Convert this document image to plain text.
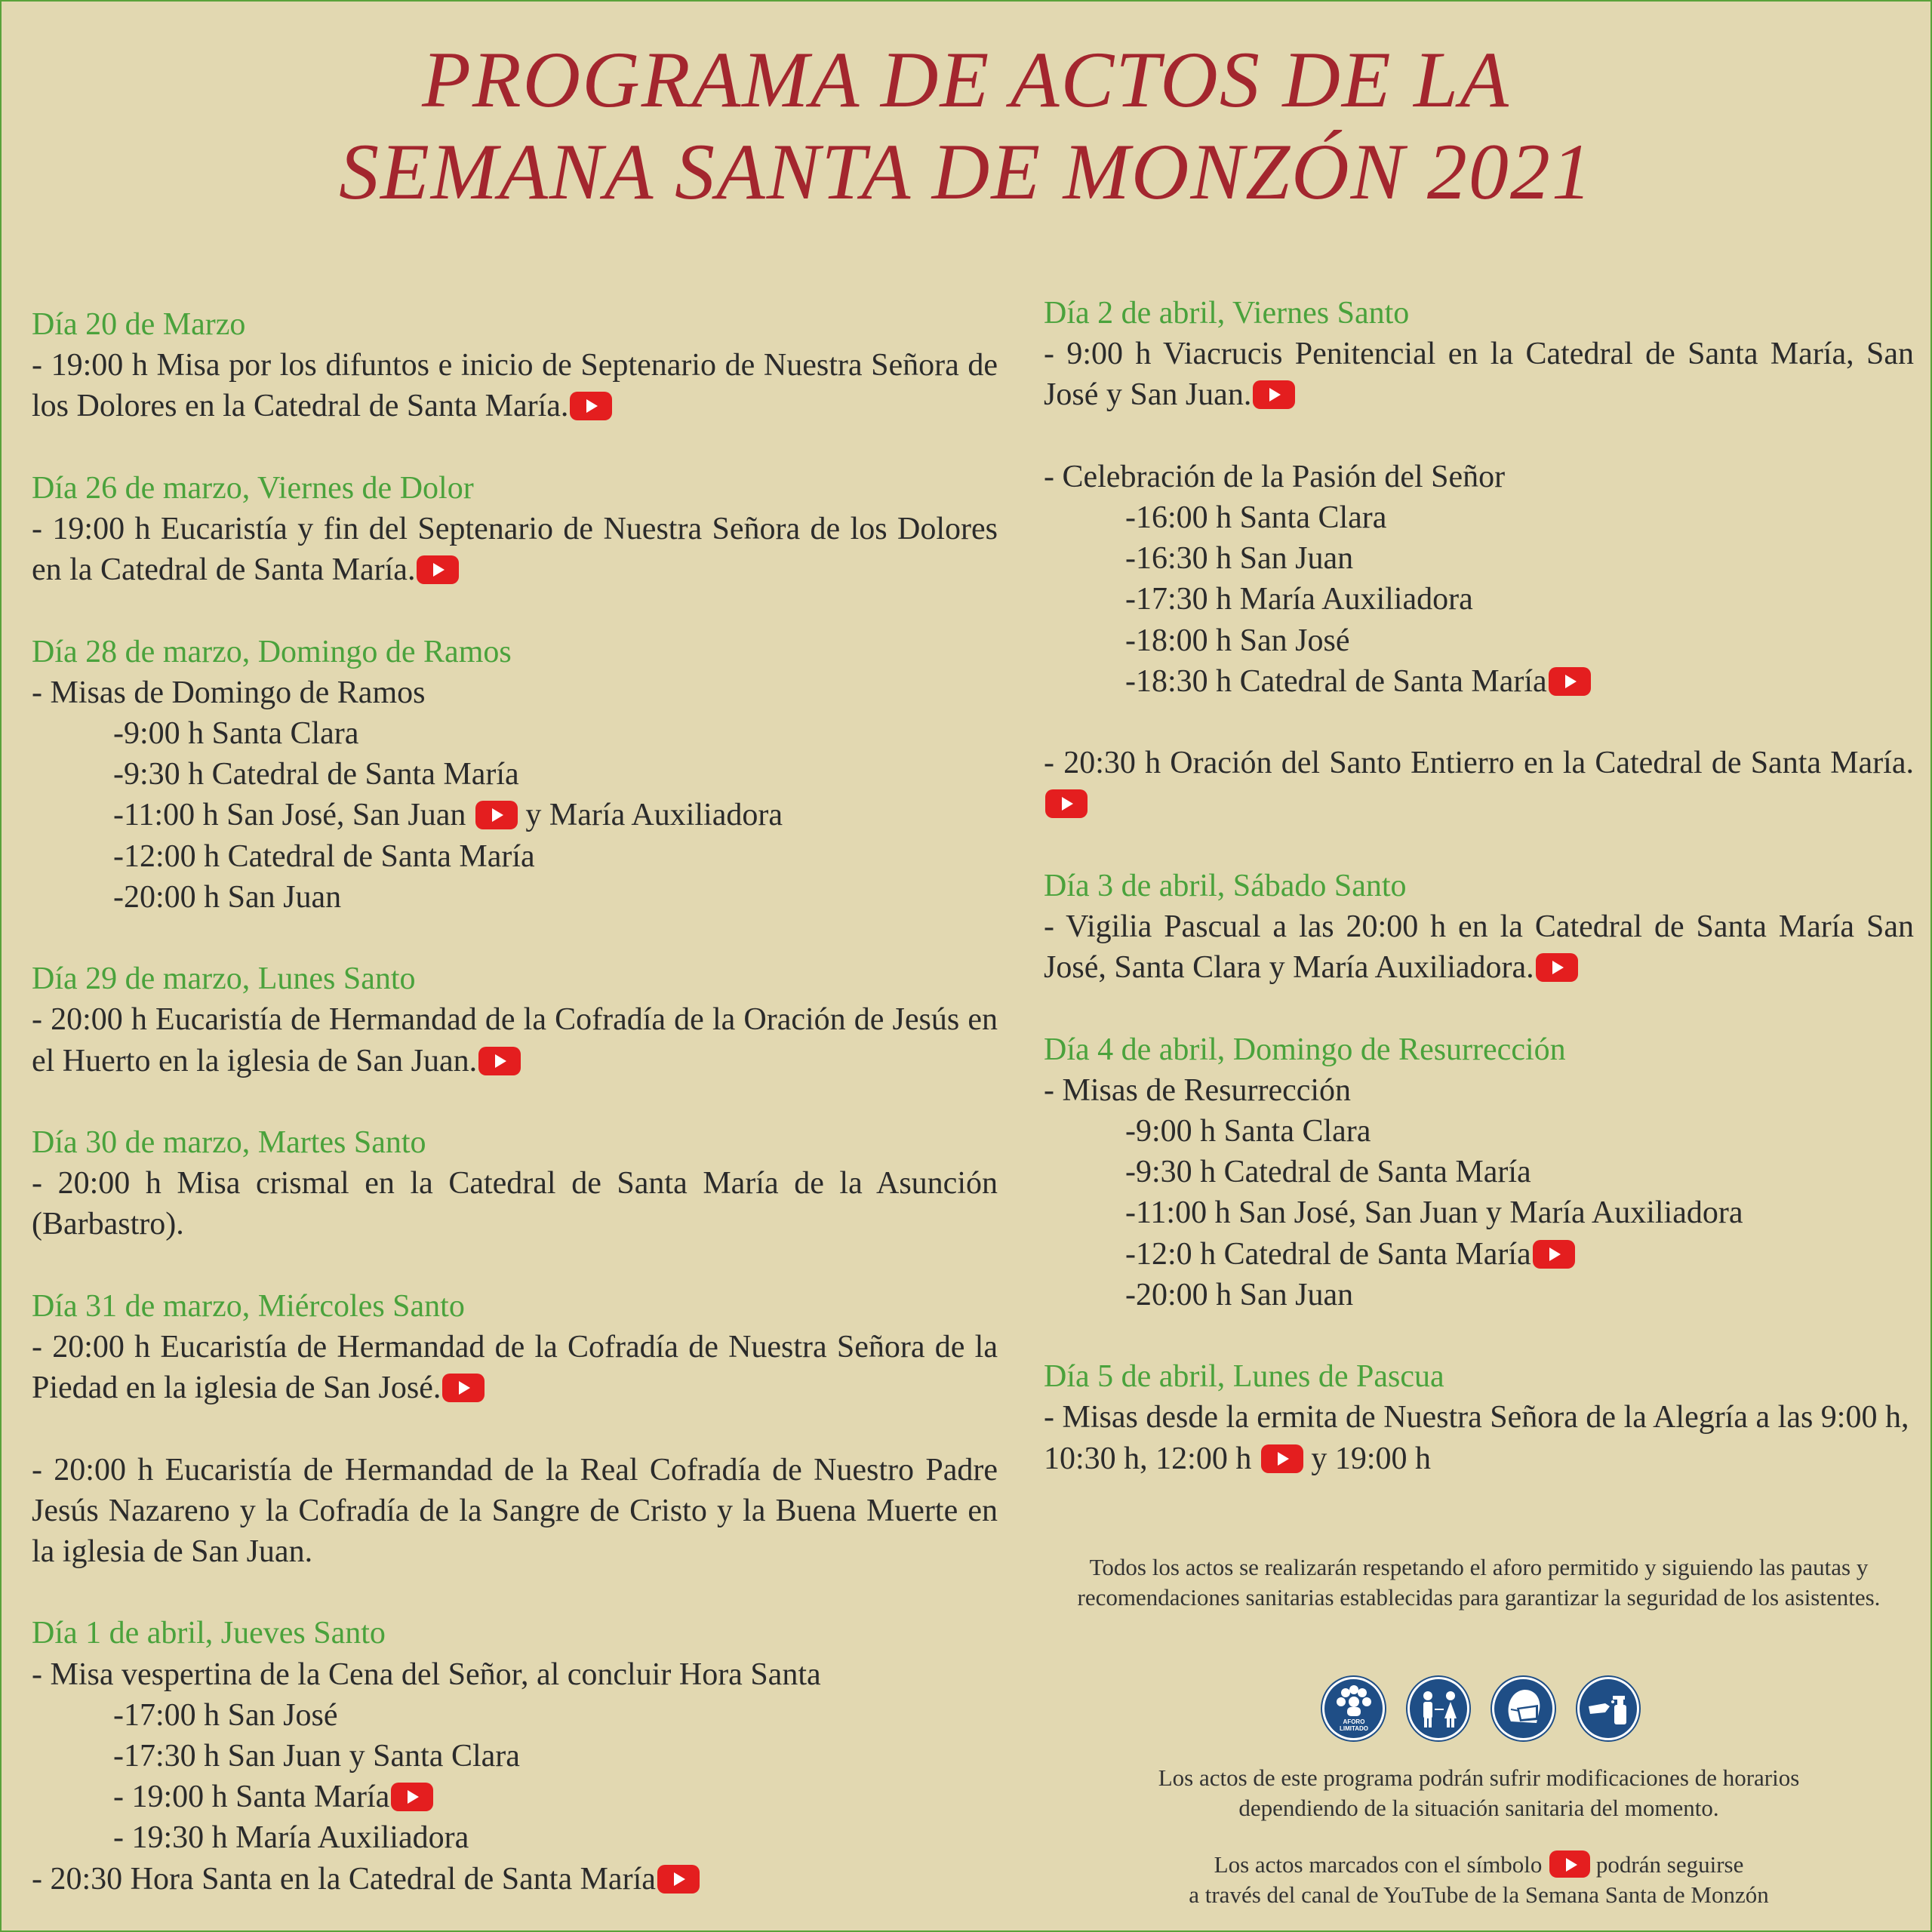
PROGRAMA DE ACTOS DE LA
SEMANA SANTA DE MONZÓN 2021
Día 20 de Marzo
- 19:00 h Misa por los difuntos e inicio de Septenario de Nuestra Señora de los Dolores en la Catedral de Santa María.
Día 26 de marzo, Viernes de Dolor
- 19:00 h Eucaristía y fin del Septenario de Nuestra Señora de los Dolores en la Catedral de Santa María.
Día 28 de marzo, Domingo de Ramos
- Misas de Domingo de Ramos
-9:00 h Santa Clara
-9:30 h Catedral de Santa María
-11:00 h San José, San Juan y María Auxiliadora
-12:00 h Catedral de Santa María
-20:00 h San Juan
Día 29 de marzo, Lunes Santo
- 20:00 h Eucaristía de Hermandad de la Cofradía de la Oración de Jesús en el Huerto en la iglesia de San Juan.
Día 30 de marzo, Martes Santo
- 20:00 h Misa crismal en la Catedral de Santa María de la Asunción (Barbastro).
Día 31 de marzo, Miércoles Santo
- 20:00 h Eucaristía de Hermandad de la Cofradía de Nuestra Señora de la Piedad en la iglesia de San José.
- 20:00 h Eucaristía de Hermandad de la Real Cofradía de Nuestro Padre Jesús Nazareno y la Cofradía de la Sangre de Cristo y la Buena Muerte en la iglesia de San Juan.
Día 1 de abril, Jueves Santo
- Misa vespertina de la Cena del Señor, al concluir Hora Santa
-17:00 h San José
-17:30 h San Juan y Santa Clara
- 19:00 h Santa María
- 19:30 h María Auxiliadora
- 20:30 Hora Santa en la Catedral de Santa María
Día 2 de abril, Viernes Santo
- 9:00 h Viacrucis Penitencial en la Catedral de Santa María, San José y San Juan.
- Celebración de la Pasión del Señor
-16:00 h Santa Clara
-16:30 h San Juan
-17:30 h María Auxiliadora
-18:00 h San José
-18:30 h Catedral de Santa María
- 20:30 h Oración del Santo Entierro en la Catedral de Santa María.
Día 3 de abril, Sábado Santo
- Vigilia Pascual a las 20:00 h en la Catedral de Santa María San José, Santa Clara y María Auxiliadora.
Día 4 de abril, Domingo de Resurrección
- Misas de Resurrección
-9:00 h Santa Clara
-9:30 h Catedral de Santa María
-11:00 h San José, San Juan y María Auxiliadora
-12:0 h Catedral de Santa María
-20:00 h San Juan
Día 5 de abril, Lunes de Pascua
- Misas desde la ermita de Nuestra Señora de la Alegría a las 9:00 h, 10:30 h, 12:00 h y 19:00 h
Todos los actos se realizarán respetando el aforo permitido y siguiendo las pautas y recomendaciones sanitarias establecidas para garantizar la seguridad de los asistentes.
AFORO
LIMITADO
Los actos de este programa podrán sufrir modificaciones de horarios
dependiendo de la situación sanitaria del momento.
Los actos marcados con el símbolo podrán seguirse
a través del canal de YouTube de la Semana Santa de Monzón
